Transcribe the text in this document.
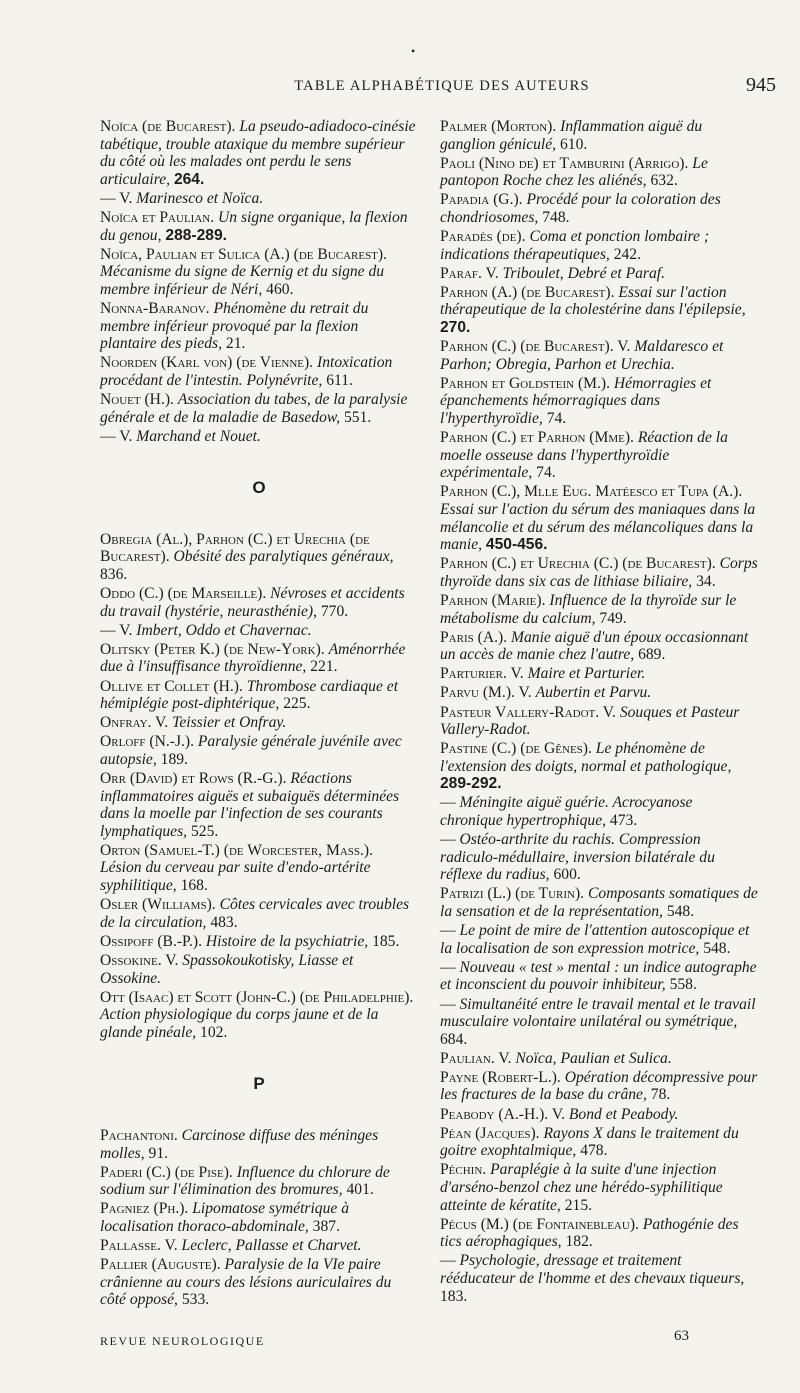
•
TABLE ALPHABÉTIQUE DES AUTEURS	945
Noïca (de Bucarest). La pseudo-adiadoco-cinésie tabétique, trouble ataxique du membre supérieur du côté où les malades ont perdu le sens articulaire, 264.
— V. Marinesco et Noïca.
Noïca et Paulian. Un signe organique, la flexion du genou, 288-289.
Noïca, Paulian et Sulica (A.) (de Bucarest). Mécanisme du signe de Kernig et du signe du membre inférieur de Néri, 460.
Nonna-Baranov. Phénomène du retrait du membre inférieur provoqué par la flexion plantaire des pieds, 21.
Noorden (Karl von) (de Vienne). Intoxication procédant de l'intestin. Polynévrite, 611.
Nouet (H.). Association du tabes, de la paralysie générale et de la maladie de Basedow, 551.
— V. Marchand et Nouet.
O
Obregia (Al.), Parhon (C.) et Urechia (de Bucarest). Obésité des paralytiques généraux, 836.
Oddo (C.) (de Marseille). Névroses et accidents du travail (hystérie, neurasthénie), 770.
— V. Imbert, Oddo et Chavernac.
Olitsky (Peter K.) (de New-York). Aménorrhée due à l'insuffisance thyroïdienne, 221.
Ollive et Collet (H.). Thrombose cardiaque et hémiplégie post-diphtérique, 225.
Onfray. V. Teissier et Onfray.
Orloff (N.-J.). Paralysie générale juvénile avec autopsie, 189.
Orr (David) et Rows (R.-G.). Réactions inflammatoires aiguës et subaiguës déterminées dans la moelle par l'infection de ses courants lymphatiques, 525.
Orton (Samuel-T.) (de Worcester, Mass.). Lésion du cerveau par suite d'endo-artérite syphilitique, 168.
Osler (Williams). Côtes cervicales avec troubles de la circulation, 483.
Ossipoff (B.-P.). Histoire de la psychiatrie, 185.
Ossokine. V. Spassokoukotisky, Liasse et Ossokine.
Ott (Isaac) et Scott (John-C.) (de Philadelphie). Action physiologique du corps jaune et de la glande pinéale, 102.
P
Pachantoni. Carcinose diffuse des méninges molles, 91.
Paderi (C.) (de Pise). Influence du chlorure de sodium sur l'élimination des bromures, 401.
Pagniez (Ph.). Lipomatose symétrique à localisation thoraco-abdominale, 387.
Pallasse. V. Leclerc, Pallasse et Charvet.
Pallier (Auguste). Paralysie de la VIe paire crânienne au cours des lésions auriculaires du côté opposé, 533.
Palmer (Morton). Inflammation aiguë du ganglion géniculé, 610.
Paoli (Nino de) et Tamburini (Arrigo). Le pantopon Roche chez les aliénés, 632.
Papadia (G.). Procédé pour la coloration des chondriosomes, 748.
Paradès (de). Coma et ponction lombaire ; indications thérapeutiques, 242.
Paraf. V. Triboulet, Debré et Paraf.
Parhon (A.) (de Bucarest). Essai sur l'action thérapeutique de la cholestérine dans l'épilepsie, 270.
Parhon (C.) (de Bucarest). V. Maldaresco et Parhon; Obregia, Parhon et Urechia.
Parhon et Goldstein (M.). Hémorragies et épanchements hémorragiques dans l'hyperthyroïdie, 74.
Parhon (C.) et Parhon (Mme). Réaction de la moelle osseuse dans l'hyperthyroïdie expérimentale, 74.
Parhon (C.), Mlle Eug. Matéesco et Tupa (A.). Essai sur l'action du sérum des maniaques dans la mélancolie et du sérum des mélancoliques dans la manie, 450-456.
Parhon (C.) et Urechia (C.) (de Bucarest). Corps thyroïde dans six cas de lithiase biliaire, 34.
Parhon (Marie). Influence de la thyroïde sur le métabolisme du calcium, 749.
Paris (A.). Manie aiguë d'un époux occasionnant un accès de manie chez l'autre, 689.
Parturier. V. Maire et Parturier.
Parvu (M.). V. Aubertin et Parvu.
Pasteur Vallery-Radot. V. Souques et Pasteur Vallery-Radot.
Pastine (C.) (de Gênes). Le phénomène de l'extension des doigts, normal et pathologique, 289-292.
— Méningite aiguë guérie. Acrocyanose chronique hypertrophique, 473.
— Ostéo-arthrite du rachis. Compression radiculo-médullaire, inversion bilatérale du réflexe du radius, 600.
Patrizi (L.) (de Turin). Composants somatiques de la sensation et de la représentation, 548.
— Le point de mire de l'attention autoscopique et la localisation de son expression motrice, 548.
— Nouveau « test » mental : un indice autographe et inconscient du pouvoir inhibiteur, 558.
— Simultanéité entre le travail mental et le travail musculaire volontaire unilatéral ou symétrique, 684.
Paulian. V. Noïca, Paulian et Sulica.
Payne (Robert-L.). Opération décompressive pour les fractures de la base du crâne, 78.
Peabody (A.-H.). V. Bond et Peabody.
Péan (Jacques). Rayons X dans le traitement du goitre exophtalmique, 478.
Péchin. Paraplégie à la suite d'une injection d'arséno-benzol chez une hérédo-syphilitique atteinte de kératite, 215.
Pécus (M.) (de Fontainebleau). Pathogénie des tics aérophagiques, 182.
— Psychologie, dressage et traitement rééducateur de l'homme et des chevaux tiqueurs, 183.
REVUE NEUROLOGIQUE	63
